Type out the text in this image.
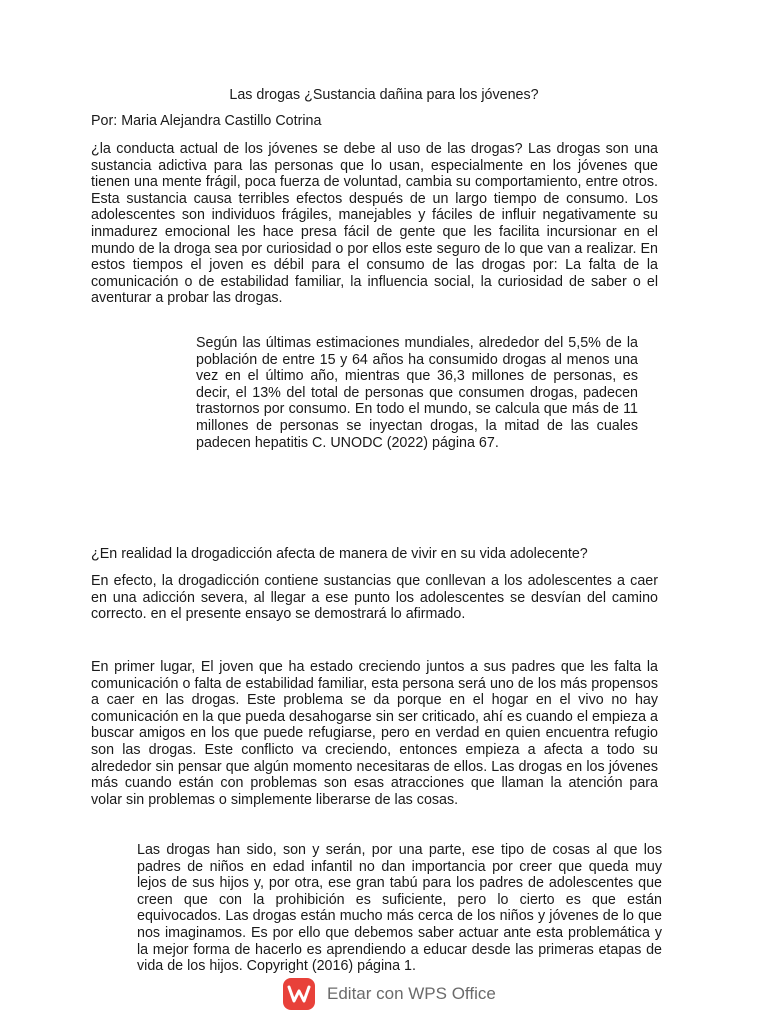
Las drogas ¿Sustancia dañina para los jóvenes?

Por: Maria Alejandra Castillo Cotrina

¿la conducta actual de los jóvenes se debe al uso de las drogas? Las drogas son una sustancia adictiva para las personas que lo usan, especialmente en los jóvenes que tienen una mente frágil, poca fuerza de voluntad, cambia su comportamiento, entre otros. Esta sustancia causa terribles efectos después de un largo tiempo de consumo. Los adolescentes son individuos frágiles, manejables y fáciles de influir negativamente su inmadurez emocional les hace presa fácil de gente que les facilita incursionar en el mundo de la droga sea por curiosidad o por ellos este seguro de lo que van a realizar. En estos tiempos el joven es débil para el consumo de las drogas por: La falta de la comunicación o de estabilidad familiar, la influencia social, la curiosidad de saber o el aventurar a probar las drogas.

Según las últimas estimaciones mundiales, alrededor del 5,5% de la población de entre 15 y 64 años ha consumido drogas al menos una vez en el último año, mientras que 36,3 millones de personas, es decir, el 13% del total de personas que consumen drogas, padecen trastornos por consumo. En todo el mundo, se calcula que más de 11 millones de personas se inyectan drogas, la mitad de las cuales padecen hepatitis C. UNODC (2022) página 67.

¿En realidad la drogadicción afecta de manera de vivir en su vida adolecente?

En efecto, la drogadicción contiene sustancias que conllevan a los adolescentes a caer en una adicción severa, al llegar a ese punto los adolescentes se desvían del camino correcto. en el presente ensayo se demostrará lo afirmado.

En primer lugar, El joven que ha estado creciendo juntos a sus padres que les falta la comunicación o falta de estabilidad familiar, esta persona será uno de los más propensos a caer en las drogas. Este problema se da porque en el hogar en el vivo no hay comunicación en la que pueda desahogarse sin ser criticado, ahí es cuando el empieza a buscar amigos en los que puede refugiarse, pero en verdad en quien encuentra refugio son las drogas. Este conflicto va creciendo, entonces empieza a afecta a todo su alrededor sin pensar que algún momento necesitaras de ellos. Las drogas en los jóvenes más cuando están con problemas son esas atracciones que llaman la atención para volar sin problemas o simplemente liberarse de las cosas.

Las drogas han sido, son y serán, por una parte, ese tipo de cosas al que los padres de niños en edad infantil no dan importancia por creer que queda muy lejos de sus hijos y, por otra, ese gran tabú para los padres de adolescentes que creen que con la prohibición es suficiente, pero lo cierto es que están equivocados. Las drogas están mucho más cerca de los niños y jóvenes de lo que nos imaginamos. Es por ello que debemos saber actuar ante esta problemática y la mejor forma de hacerlo es aprendiendo a educar desde las primeras etapas de vida de los hijos. Copyright (2016) página 1.

Editar con WPS Office
